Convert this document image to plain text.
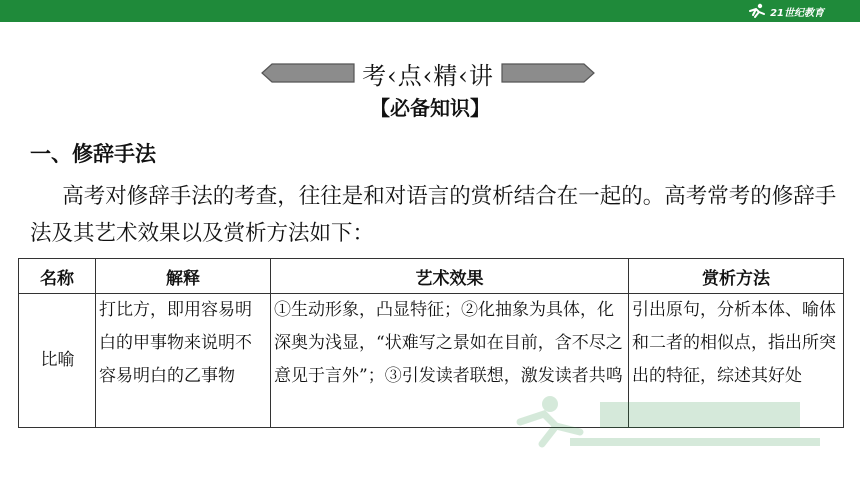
21世纪教育
考‹点‹精‹讲
【必备知识】
一、修辞手法
高考对修辞手法的考查，往往是和对语言的赏析结合在一起的。高考常考的修辞手法及其艺术效果以及赏析方法如下：
名称	解释	艺术效果	赏析方法
比喻	打比方，即用容易明白的甲事物来说明不容易明白的乙事物	①生动形象，凸显特征；②化抽象为具体，化深奥为浅显，“状难写之景如在目前，含不尽之意见于言外”；③引发读者联想，激发读者共鸣	引出原句，分析本体、喻体和二者的相似点，指出所突出的特征，综述其好处
